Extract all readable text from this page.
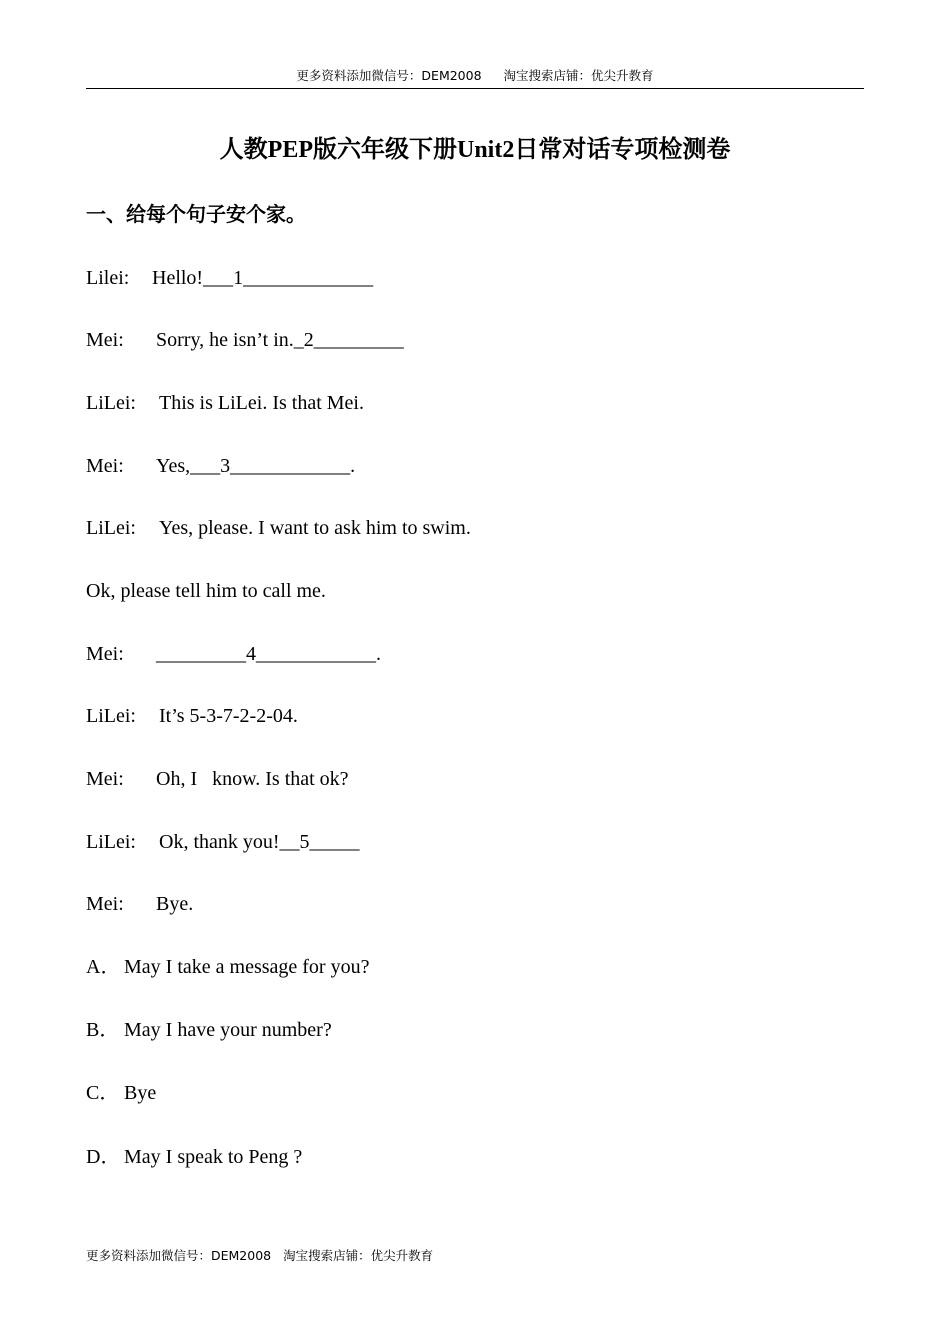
更多资料添加微信号：DEM2008 淘宝搜索店铺：优尖升教育
人教PEP版六年级下册Unit2日常对话专项检测卷
一、给每个句子安个家。
Lilei: Hello!___1_____________
Mei: Sorry, he isn’t in._2_________
LiLei: This is LiLei. Is that Mei.
Mei: Yes,___3____________.
LiLei: Yes, please. I want to ask him to swim.
Ok, please tell him to call me.
Mei: _________4____________.
LiLei: It’s 5-3-7-2-2-04.
Mei: Oh, I   know. Is that ok?
LiLei: Ok, thank you!__5_____
Mei: Bye.
A． May I take a message for you?
B． May I have your number?
C． Bye
D． May I speak to Peng ?
更多资料添加微信号：DEM2008 淘宝搜索店铺：优尖升教育
